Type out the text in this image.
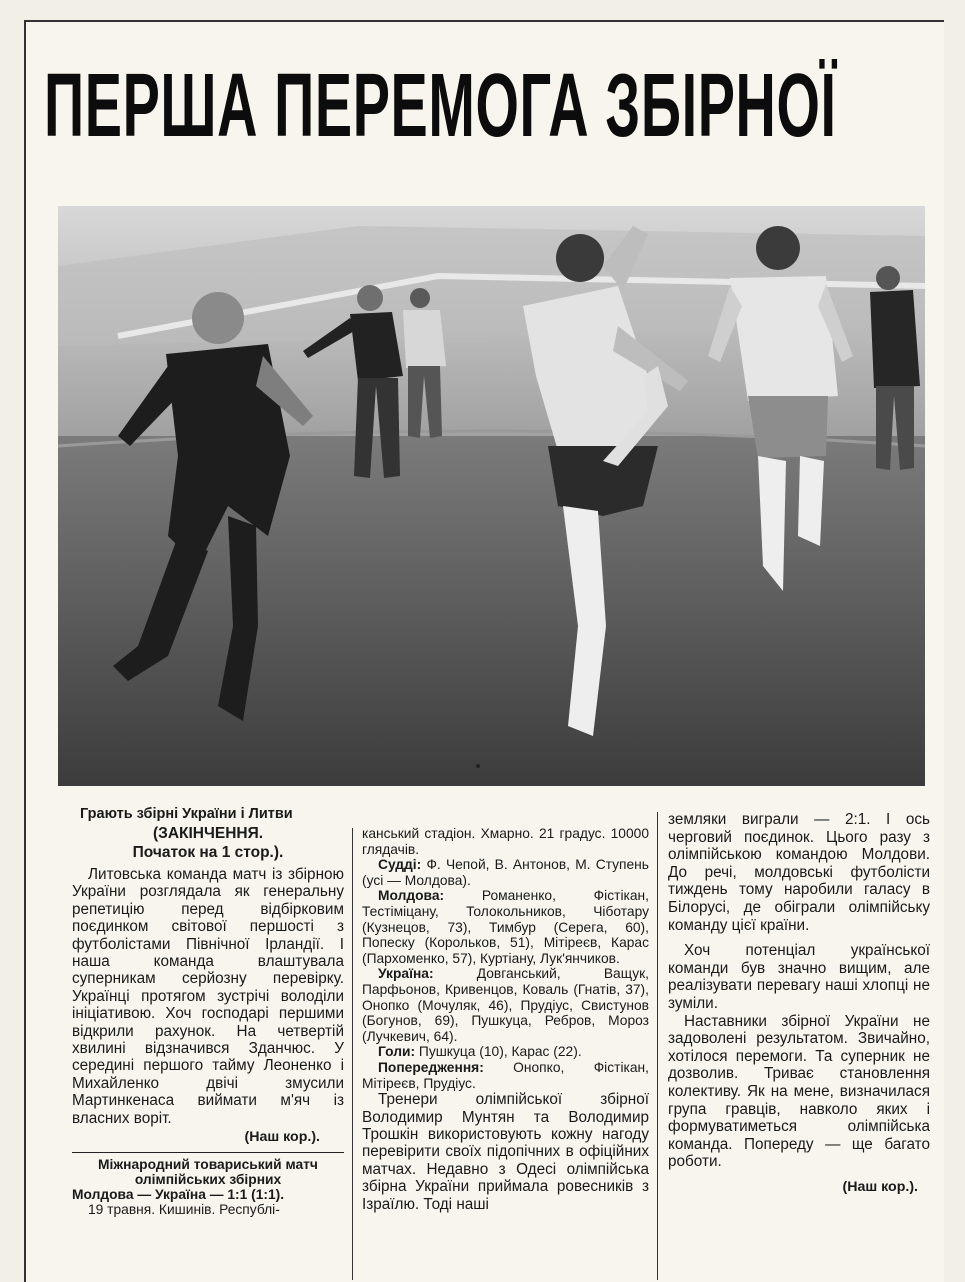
ПЕРША ПЕРЕМОГА ЗБІРНОЇ
Грають збірні України і Литви

(ЗАКІНЧЕННЯ.

Початок на 1 стор.).

Литовська команда матч із збірною України розглядала як генеральну репетицію перед відбірковим поєдинком світової першості з футболістами Північної Ірландії. І наша команда влаштувала суперникам серйозну перевірку. Українці протягом зустрічі володіли ініціативою. Хоч господарі першими відкрили рахунок. На четвертій хвилині відзначився Зданчюс. У середині першого тайму Леоненко і Михайленко двічі змусили Мартинкенаса виймати м'яч із власних воріт.

(Наш кор.).

Міжнародний товариський матч олімпійських збірних

Молдова — Україна — 1:1 (1:1).

19 травня. Кишинів. Республі-

канський стадіон. Хмарно. 21 градус. 10000 глядачів.

Судді: Ф. Чепой, В. Антонов, М. Ступень (усі — Молдова).

Молдова:	Романенко, Фістікан, Тестіміцану, Толокольников, Чіботару (Кузнецов, 73), Тимбур (Серега, 60), Попеску (Корольков, 51), Мітіреєв, Карас (Пархоменко, 57), Куртіану, Лук'янчиков.

Україна:	Довганський, Ващук, Парфьонов, Кривенцов, Коваль (Гнатів, 37), Онопко (Мочуляк, 46), Прудіус, Свистунов (Богунов, 69), Пушкуца, Ребров, Мороз (Лучкевич, 64).

Голи: Пушкуца (10), Карас (22).

Попередження: Онопко, Фістікан, Мітіреєв, Прудіус.

Тренери олімпійської збірної Володимир Мунтян та Володимир Трошкін використовують кожну нагоду перевірити своїх підопічних в офіційних матчах. Недавно з Одесі олімпійська збірна України приймала ровесників з Ізраїлю. Тоді наші

земляки виграли — 2:1. І ось черговий поєдинок. Цього разу з олімпійською командою Молдови. До речі, молдовські футболісти тиждень тому наробили галасу в Білорусі, де обіграли олімпійську команду цієї країни.

Хоч потенціал української команди був значно вищим, але реалізувати перевагу наші хлопці не зуміли.

Наставники збірної України не задоволені результатом. Звичайно, хотілося перемоги. Та суперник не дозволив. Триває становлення колективу. Як на мене, визначилася група гравців, навколо яких і формуватиметься олімпійська команда. Попереду — ще багато роботи.

(Наш кор.).
